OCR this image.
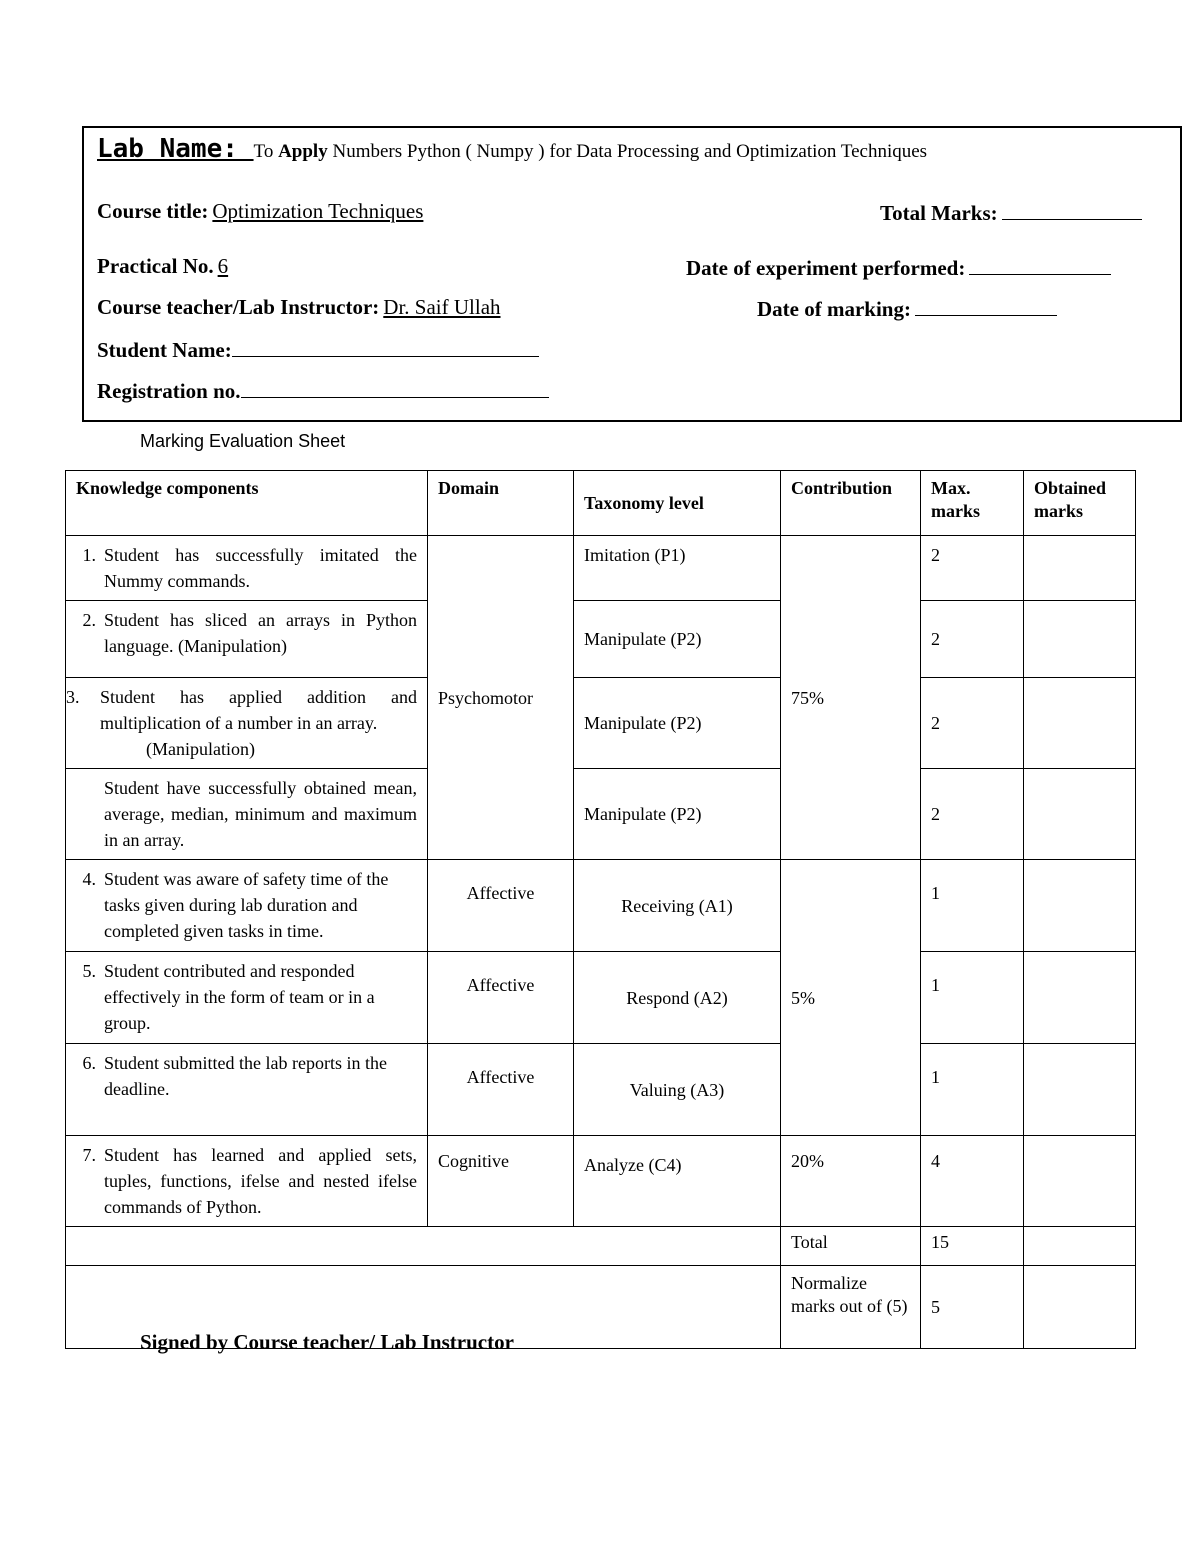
Lab Name: To Apply Numbers Python ( Numpy ) for Data Processing and Optimization Techniques
Course title: Optimization Techniques	Total Marks:
Practical No. 6	Date of experiment performed:
Course teacher/Lab Instructor: Dr. Saif Ullah	Date of marking:
Student Name:
Registration no.
Marking Evaluation Sheet
Knowledge components	Domain	Taxonomy level	Contribution	Max. marks	Obtained marks

1. Student has successfully imitated the Nummy commands.	Psychomotor	Imitation (P1)	75%	2	

2. Student has sliced an arrays in Python language. (Manipulation)		Manipulate (P2)		2	

3. Student has applied addition and multiplication of a number in an array.
(Manipulation)		Manipulate (P2)		2	

Student have successfully obtained mean, average, median, minimum and maximum in an array.		Manipulate (P2)		2	

4. Student was aware of safety time of the tasks given during lab duration and completed given tasks in time.	Affective	Receiving (A1)	5%	1	

5. Student contributed and responded effectively in the form of team or in a group.	Affective	Respond (A2)		1	

6. Student submitted the lab reports in the deadline.	Affective	Valuing (A3)		1	

7. Student has learned and applied sets, tuples, functions, ifelse and nested ifelse commands of Python.	Cognitive	Analyze (C4)	20%	4	
			Total	15	
			Normalize marks out of (5)	5	
Signed by Course teacher/ Lab Instructor
